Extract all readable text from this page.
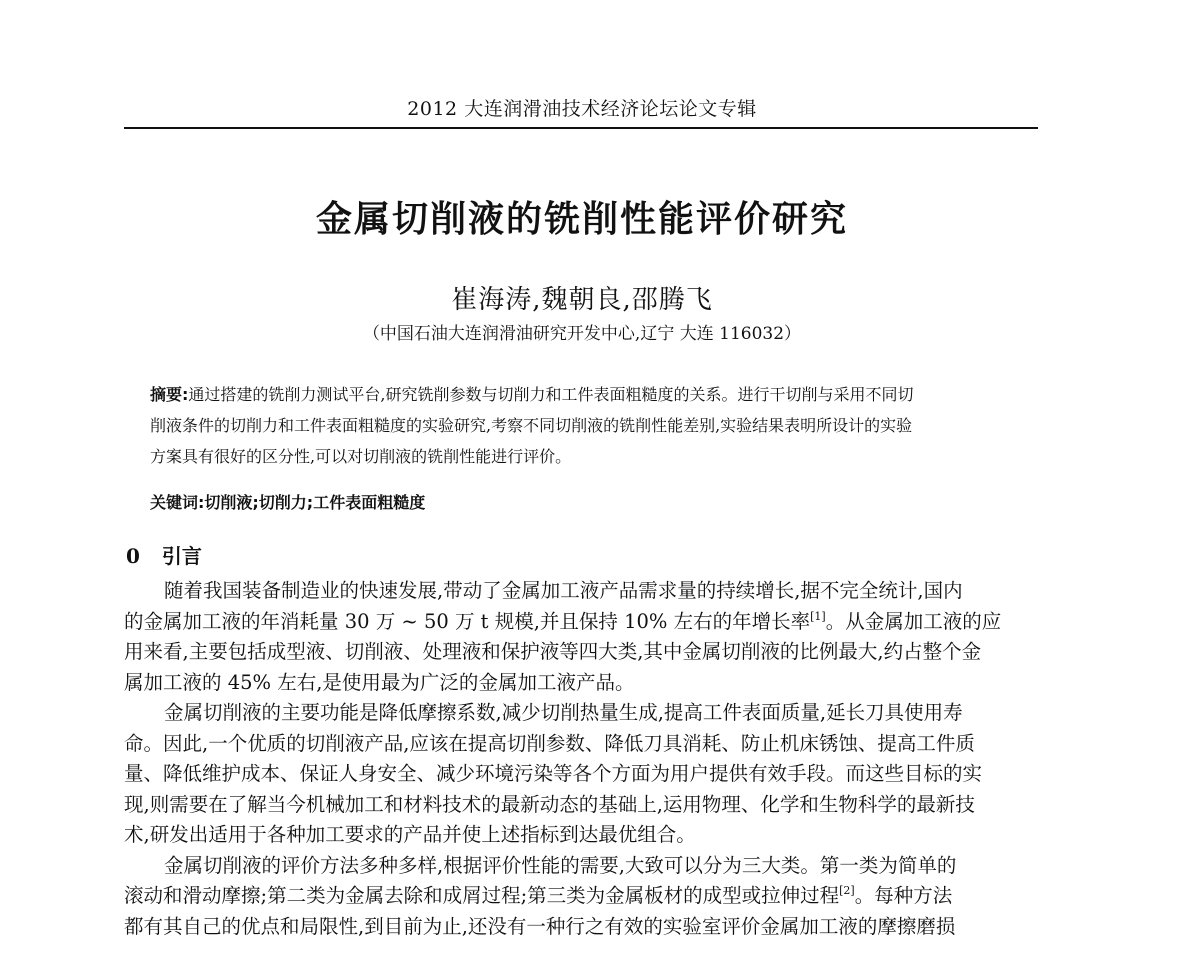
2012 大连润滑油技术经济论坛论文专辑
金属切削液的铣削性能评价研究
崔海涛,魏朝良,邵腾飞
（中国石油大连润滑油研究开发中心,辽宁 大连 116032）
摘要:通过搭建的铣削力测试平台,研究铣削参数与切削力和工件表面粗糙度的关系。进行干切削与采用不同切
削液条件的切削力和工件表面粗糙度的实验研究,考察不同切削液的铣削性能差别,实验结果表明所设计的实验
方案具有很好的区分性,可以对切削液的铣削性能进行评价。
关键词:切削液;切削力;工件表面粗糙度
0 引言
随着我国装备制造业的快速发展,带动了金属加工液产品需求量的持续增长,据不完全统计,国内
的金属加工液的年消耗量 30 万 ~ 50 万 t 规模,并且保持 10% 左右的年增长率[1]。从金属加工液的应
用来看,主要包括成型液、切削液、处理液和保护液等四大类,其中金属切削液的比例最大,约占整个金
属加工液的 45% 左右,是使用最为广泛的金属加工液产品。
金属切削液的主要功能是降低摩擦系数,减少切削热量生成,提高工件表面质量,延长刀具使用寿
命。因此,一个优质的切削液产品,应该在提高切削参数、降低刀具消耗、防止机床锈蚀、提高工件质
量、降低维护成本、保证人身安全、减少环境污染等各个方面为用户提供有效手段。而这些目标的实
现,则需要在了解当今机械加工和材料技术的最新动态的基础上,运用物理、化学和生物科学的最新技
术,研发出适用于各种加工要求的产品并使上述指标到达最优组合。
金属切削液的评价方法多种多样,根据评价性能的需要,大致可以分为三大类。第一类为简单的
滚动和滑动摩擦;第二类为金属去除和成屑过程;第三类为金属板材的成型或拉伸过程[2]。每种方法
都有其自己的优点和局限性,到目前为止,还没有一种行之有效的实验室评价金属加工液的摩擦磨损
